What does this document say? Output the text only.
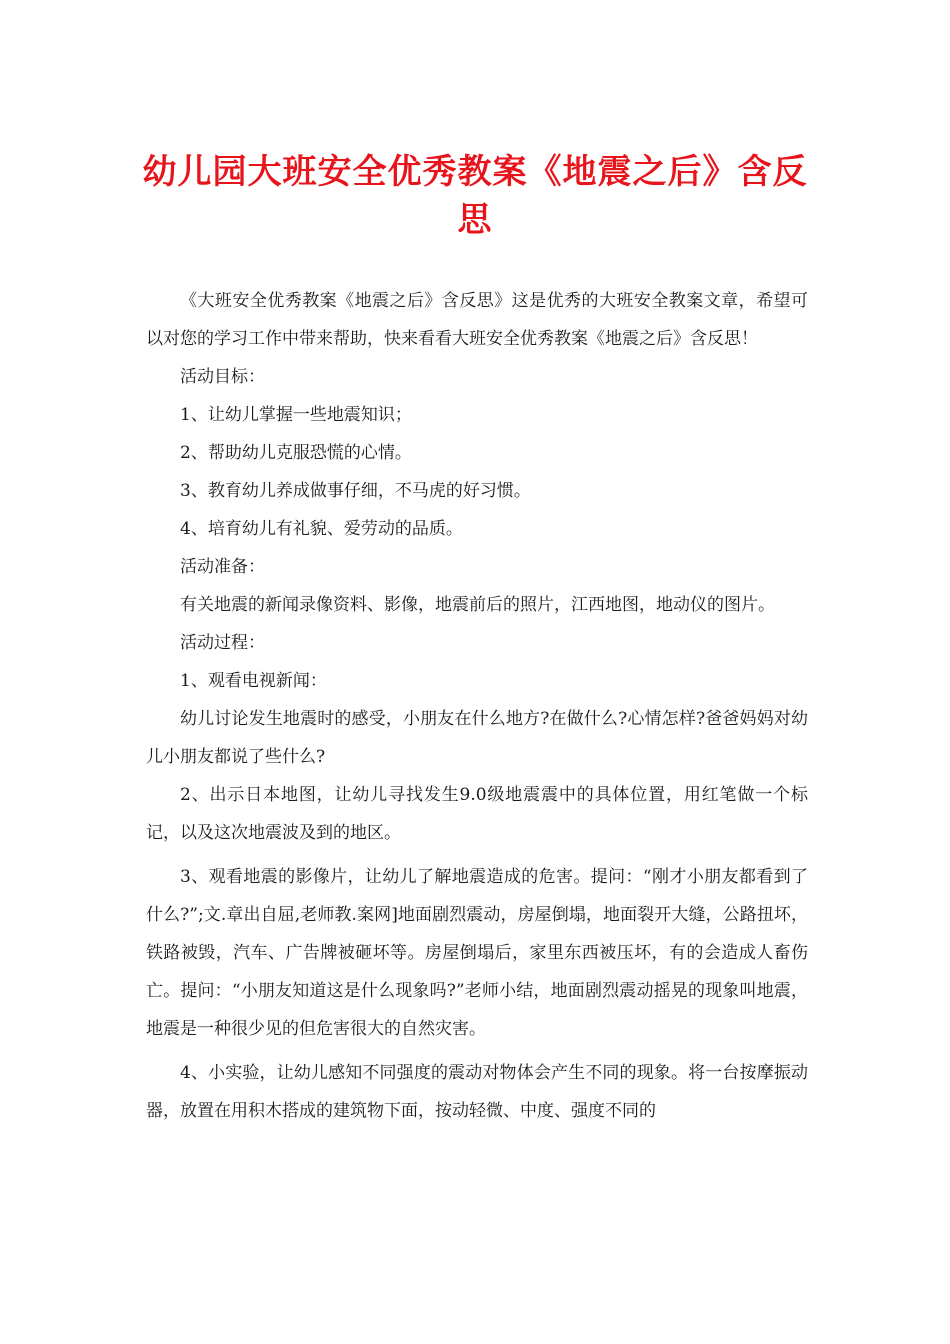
幼儿园大班安全优秀教案《地震之后》含反思

《大班安全优秀教案《地震之后》含反思》这是优秀的大班安全教案文章，希望可以对您的学习工作中带来帮助，快来看看大班安全优秀教案《地震之后》含反思！

活动目标：

1、让幼儿掌握一些地震知识；

2、帮助幼儿克服恐慌的心情。

3、教育幼儿养成做事仔细，不马虎的好习惯。

4、培育幼儿有礼貌、爱劳动的品质。

活动准备：

有关地震的新闻录像资料、影像，地震前后的照片，江西地图，地动仪的图片。

活动过程：

1、观看电视新闻：

幼儿讨论发生地震时的感受，小朋友在什么地方?在做什么?心情怎样?爸爸妈妈对幼儿小朋友都说了些什么?

2、出示日本地图，让幼儿寻找发生9.0级地震震中的具体位置，用红笔做一个标记，以及这次地震波及到的地区。

3、观看地震的影像片，让幼儿了解地震造成的危害。提问：“刚才小朋友都看到了什么?”;文.章出自屈,老师教.案网]地面剧烈震动，房屋倒塌，地面裂开大缝，公路扭坏，铁路被毁，汽车、广告牌被砸坏等。房屋倒塌后，家里东西被压坏，有的会造成人畜伤亡。提问：“小朋友知道这是什么现象吗?”老师小结，地面剧烈震动摇晃的现象叫地震，地震是一种很少见的但危害很大的自然灾害。

4、小实验，让幼儿感知不同强度的震动对物体会产生不同的现象。将一台按摩振动器，放置在用积木搭成的建筑物下面，按动轻微、中度、强度不同的
